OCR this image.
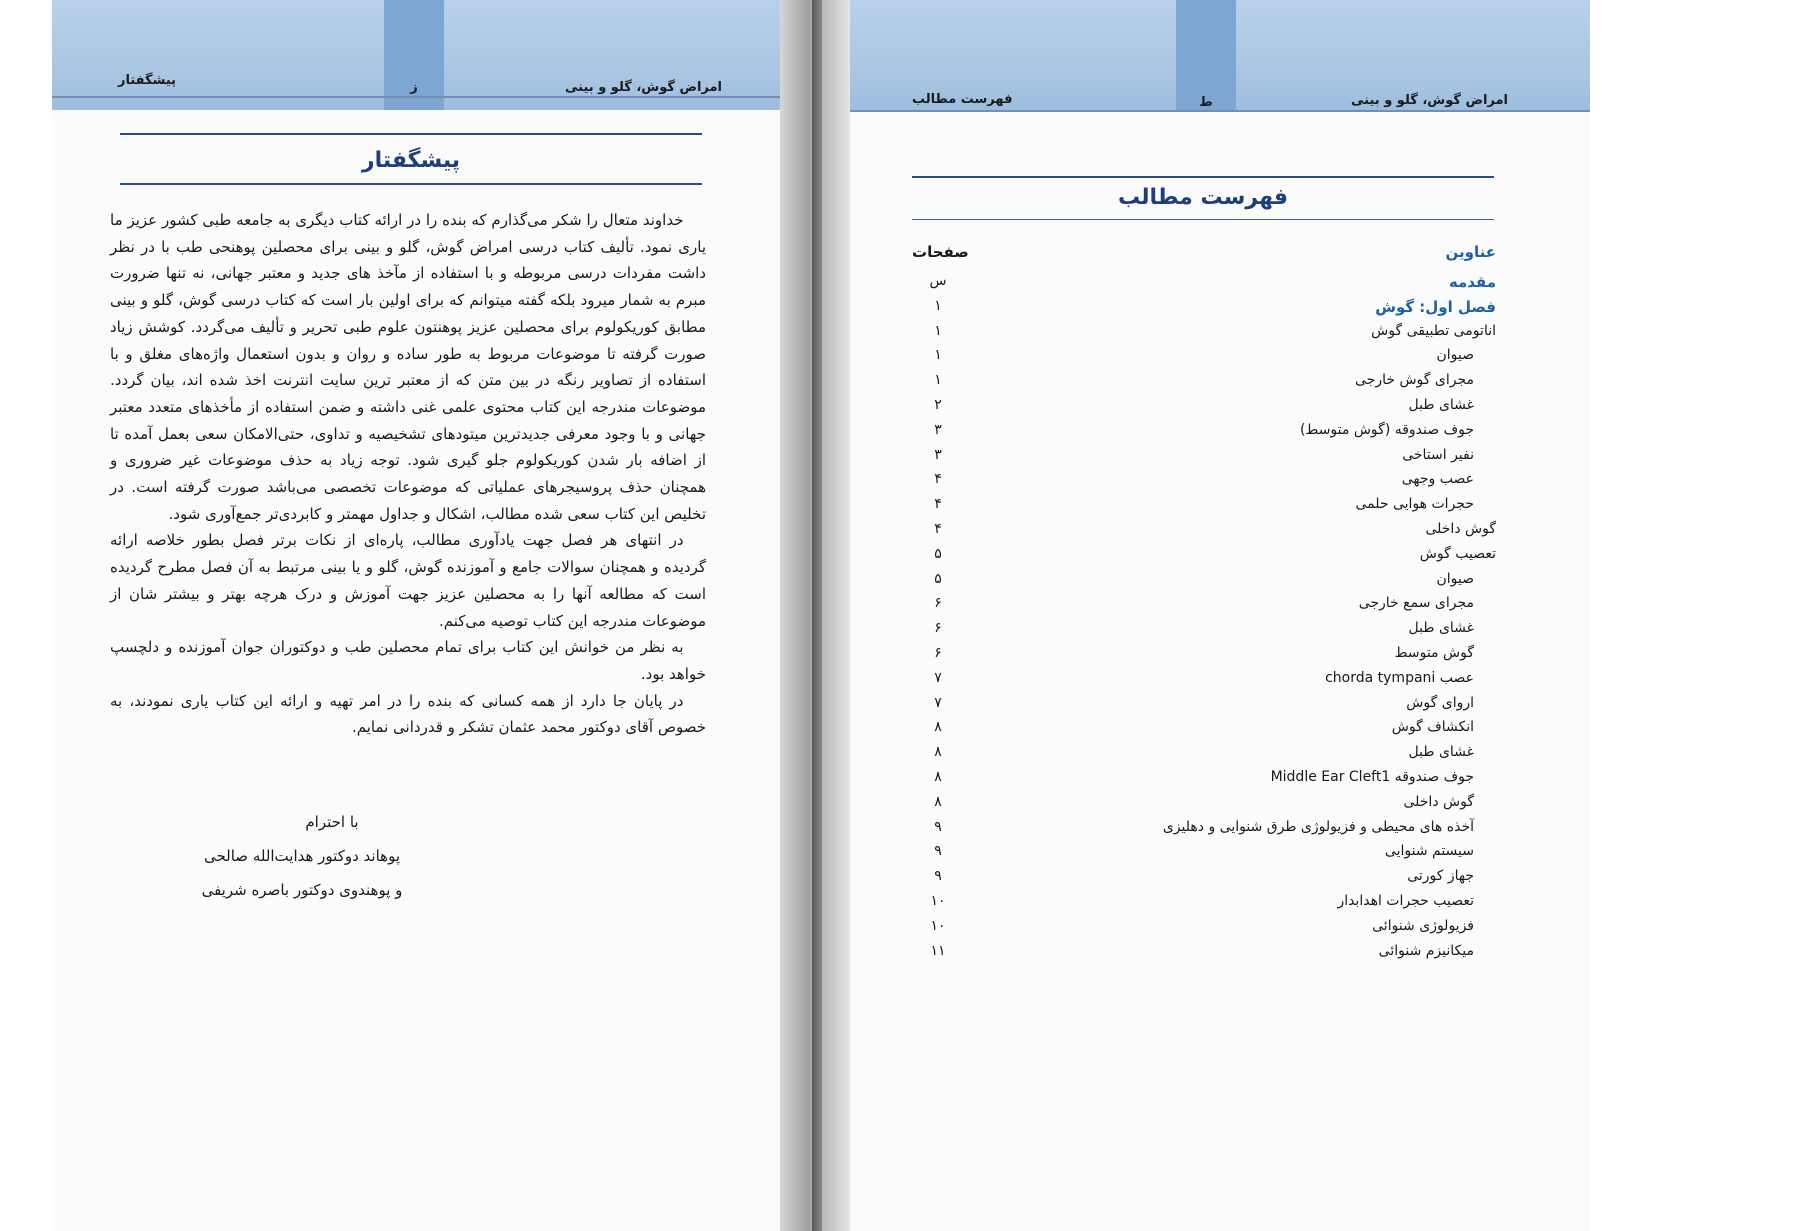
امراض گوش، گلو و بینی
ز
پیشگفتار
پیشگفتار

خداوند متعال را شکر می‌گذارم که بنده را در ارائه کتاب دیگری به جامعه طبی کشور عزیز ما یاری نمود. تألیف کتاب درسی امراض گوش، گلو و بینی برای محصلین پوهنحی طب با در نظر داشت مفردات درسی مربوطه و با استفاده از مآخذ های جدید و معتبر جهانی، نه تنها ضرورت مبرم به شمار میرود بلکه گفته میتوانم که برای اولین بار است که کتاب درسی گوش، گلو و بینی مطابق کوریکولوم برای محصلین عزیز پوهنتون علوم طبی تحریر و تألیف می‌گردد. کوشش زیاد صورت گرفته تا موضوعات مربوط به طور ساده و روان و بدون استعمال واژه‌های مغلق و با استفاده از تصاویر رنگه در بین متن که از معتبر ترین سایت انترنت اخذ شده اند، بیان گردد. موضوعات مندرجه این کتاب محتوی علمی غنی داشته و ضمن استفاده از مأخذهای متعدد معتبر جهانی و با وجود معرفی جدیدترین میتودهای تشخیصیه و تداوی، حتی‌الامکان سعی بعمل آمده تا از اضافه بار شدن کوریکولوم جلو گیری شود. توجه زیاد به حذف موضوعات غیر ضروری و همچنان حذف پروسیجرهای عملیاتی که موضوعات تخصصی می‌باشد صورت گرفته است. در تخلیص این کتاب سعی شده مطالب، اشکال و جداول مهمتر و کابردی‌تر جمع‌آوری شود.

در انتهای هر فصل جهت یادآوری مطالب، پاره‌ای از نکات برتر فصل بطور خلاصه ارائه گردیده و همچنان سوالات جامع و آموزنده گوش، گلو و یا بینی مرتبط به آن فصل مطرح گردیده است که مطالعه آنها را به محصلین عزیز جهت آموزش و درک هرچه بهتر و بیشتر شان از موضوعات مندرجه این کتاب توصیه می‌کنم.

به نظر من خوانش این کتاب برای تمام محصلین طب و دوکتوران جوان آموزنده و دلچسپ خواهد بود.

در پایان جا دارد از همه کسانی که بنده را در امر تهیه و ارائه این کتاب یاری نمودند، به خصوص آقای دوکتور محمد عثمان تشکر و قدردانی نمایم.

با احترام
پوهاند دوکتور هدایت‌الله صالحی
و پوهندوی دوکتور باصره شریفی
امراض گوش، گلو و بینی
ط
فهرست مطالب
فهرست مطالب
عناوین
صفحات
مقدمه
س
فصل اول: گوش
۱
اناتومی تطبیقی گوش
۱
صیوان
۱
مجرای گوش خارجی
۱
غشای طبل
۲
جوف صندوقه (گوش متوسط)
۳
نفیر استاخی
۳
عصب وجهی
۴
حجرات هوایی حلمی
۴
گوش داخلی
۴
تعصیب گوش
۵
صیوان
۵
مجرای سمع خارجی
۶
غشای طبل
۶
گوش متوسط
۶
عصب chorda tympani
۷
اروای گوش
۷
انکشاف گوش
۸
غشای طبل
۸
جوف صندوقه Middle Ear Cleft1
۸
گوش داخلی
۸
آخذه های محیطی و فزیولوژی طرق شنوایی و دهلیزی
۹
سیستم شنوایی
۹
جهاز کورتی
۹
تعصیب حجرات اهدابدار
۱۰
فزیولوژی شنوائی
۱۰
میکانیزم شنوائی
۱۱
